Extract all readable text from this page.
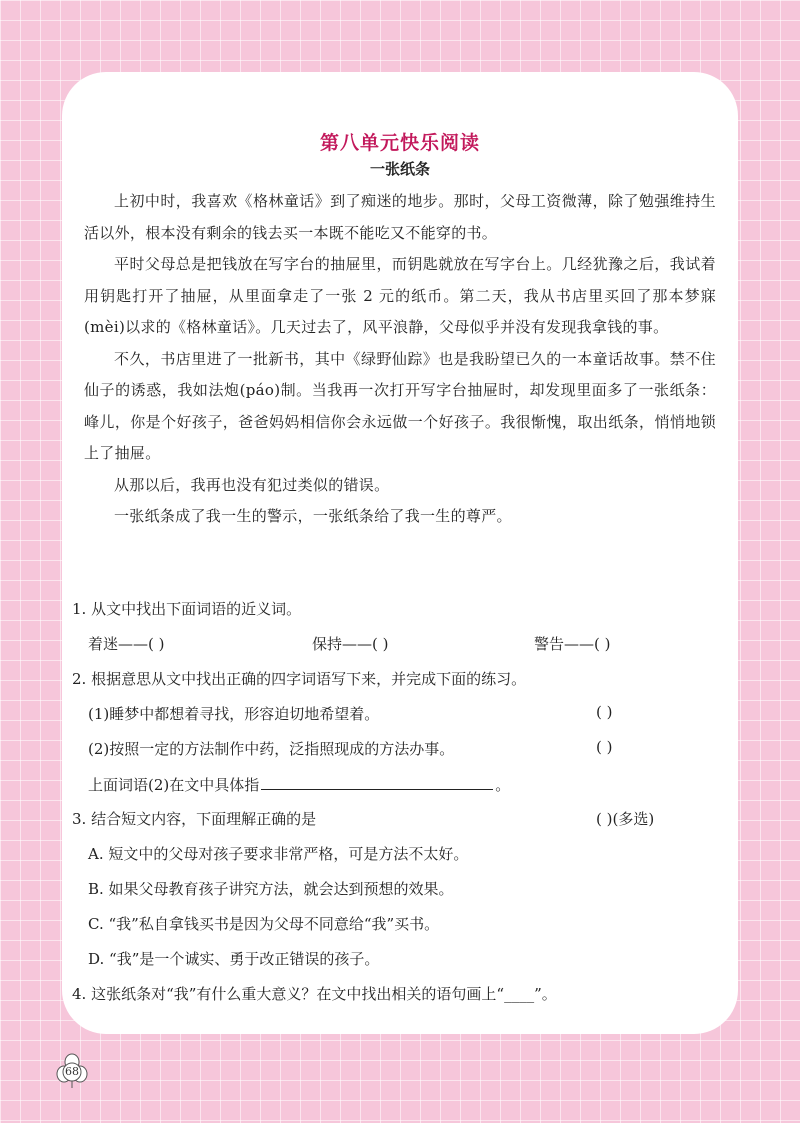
第八单元快乐阅读
一张纸条

上初中时，我喜欢《格林童话》到了痴迷的地步。那时，父母工资微薄，除了勉强维持生活以外，根本没有剩余的钱去买一本既不能吃又不能穿的书。

平时父母总是把钱放在写字台的抽屉里，而钥匙就放在写字台上。几经犹豫之后，我试着用钥匙打开了抽屉，从里面拿走了一张 2 元的纸币。第二天，我从书店里买回了那本梦寐(mèi)以求的《格林童话》。几天过去了，风平浪静，父母似乎并没有发现我拿钱的事。

不久，书店里进了一批新书，其中《绿野仙踪》也是我盼望已久的一本童话故事。禁不住仙子的诱惑，我如法炮(páo)制。当我再一次打开写字台抽屉时，却发现里面多了一张纸条：峰儿，你是个好孩子，爸爸妈妈相信你会永远做一个好孩子。我很惭愧，取出纸条，悄悄地锁上了抽屉。

从那以后，我再也没有犯过类似的错误。

一张纸条成了我一生的警示，一张纸条给了我一生的尊严。

1. 从文中找出下面词语的近义词。
着迷——( )	保持——( )	警告——( )
2. 根据意思从文中找出正确的四字词语写下来，并完成下面的练习。
(1)睡梦中都想着寻找，形容迫切地希望着。	( )
(2)按照一定的方法制作中药，泛指照现成的方法办事。	( )
上面词语(2)在文中具体指	。
3. 结合短文内容，下面理解正确的是	( )(多选)
A. 短文中的父母对孩子要求非常严格，可是方法不太好。
B. 如果父母教育孩子讲究方法，就会达到预想的效果。
C. “我”私自拿钱买书是因为父母不同意给“我”买书。
D. “我”是一个诚实、勇于改正错误的孩子。
4. 这张纸条对“我”有什么重大意义？在文中找出相关的语句画上“____”。
68
